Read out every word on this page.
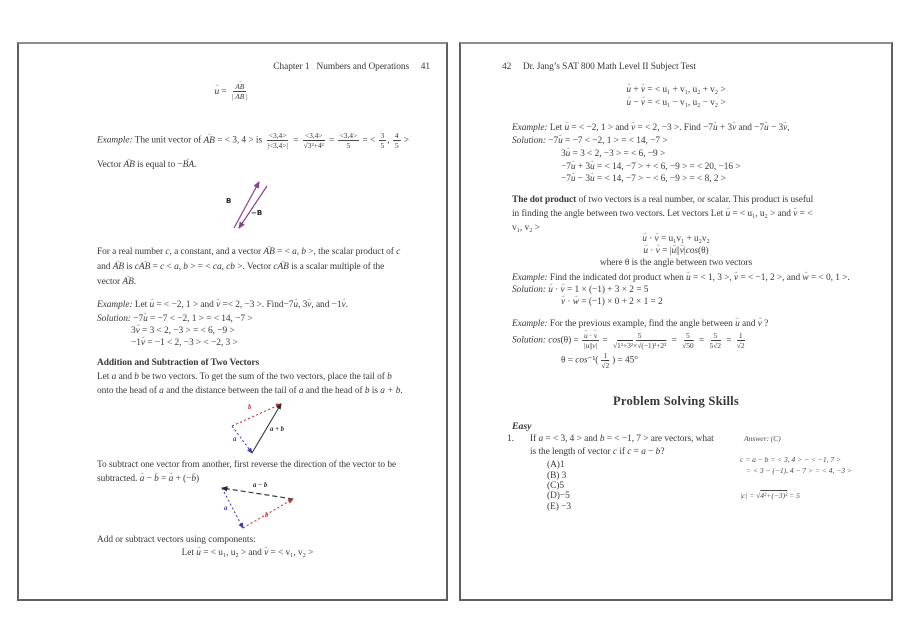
Chapter 1  Numbers and Operations  41
u → = $\frac{AB \to}{| AB \to |}$
Example: The unit vector of AB → = < 3, 4 > is $\frac{<3,4>}{|<3,4>|} = <3,4>$
√ $3^2+4^2 = \frac{<3,4>}{5}$ = < $\frac{3}{5}$ , $\frac{4}{5}$ >
Vector AB → is equal to −BA →.
B
−B
For a real number c, a constant, and a vector AB → = < a, b >, the scalar product of c
and AB → is cAB → = c < a, b > = < ca, cb >. Vector cAB → is a scalar multiple of the
vector AB →.
Example: Let u → = < −2, 1 > and v → =< 2, −3 >. Find−7u →, 3v →, and −1v →.
Solution: −7u → = −7 < −2, 1 > = < 14, −7 >
3v → = 3 < 2, −3 > = < 6, −9 >
−1v → = −1 < 2, −3 > < −2, 3 >
Addition and Subtraction of Two Vectors
Let a and b be two vectors. To get the sum of the two vectors, place the tail of b
onto the head of a and the distance between the tail of a and the head of b is a + b.
b
a
a + b
To subtract one vector from another, first reverse the direction of the vector to be
subtracted. a → − b → = a → + (−b →)
a − b
a
b
Add or subtract vectors using components:
Let u → = < u₁, u₂ > and v → = < v₁, v₂ >
42  Dr. Jang’s SAT 800 Math Level II Subject Test
u → + v → = < u₁ + v₁, u₂ + v₂ >
u → − v → = < u₁ − v₁, u₂ − v₂ >
Example: Let u → = < −2, 1 > and v → = < 2, −3 >. Find −7u → + 3v → and −7u → − 3v →,
Solution: −7u → = −7 < −2, 1 > = < 14, −7 >
3u → = 3 < 2, −3 > = < 6, −9 >
−7u → + 3u → = < 14, −7 > + < 6, −9 > = < 20, −16 >
−7u → − 3u → = < 14, −7 > − < 6, −9 > = < 8, 2 >
The dot product of two vectors is a real number, or scalar. This product is useful
in finding the angle between two vectors. Let vectors Let u → = < u₁, u₂ > and v → = <
v₁, v₂ >
u → · v → = u₁v₁ + u₂v₂
u → · v → = |u →||v →|cos(θ)
where θ is the angle between two vectors
Example: Find the indicated dot product when u → = < 1, 3 >, v → = < −1, 2 >, and w → = < 0, 1 >.
Solution: u → · v → = 1 × (−1) + 3 × 2 = 5
v → · w → = (−1) × 0 + 2 × 1 = 2
Example: For the previous example, find the angle between u → and v → ?
Solution: $\cos(\theta) = \frac{u \to \cdot v \to}{|u \to||v \to|} = 5$
√ 1²+3²× √ (−1)²+2² = 5
√ $50 = \frac{5}{5 √ 2} = 1$
√ 2
θ = cos⁻¹( 1
√ 2 ) = 45°
Problem Solving Skills
Easy
1. If a = < 3, 4 > and b = < −1, 7 > are vectors, what
is the length of vector c if c = a − b?
(A)1
(B) 3
(C)5
(D)−5
(E) −3
Answer: (C)
c = a − b = < 3, 4 > − < −1, 7 >
= < 3 − (−1), 4 − 7 > = < 4, −3 >
|c| = √ 4²+(−3)² = 5
